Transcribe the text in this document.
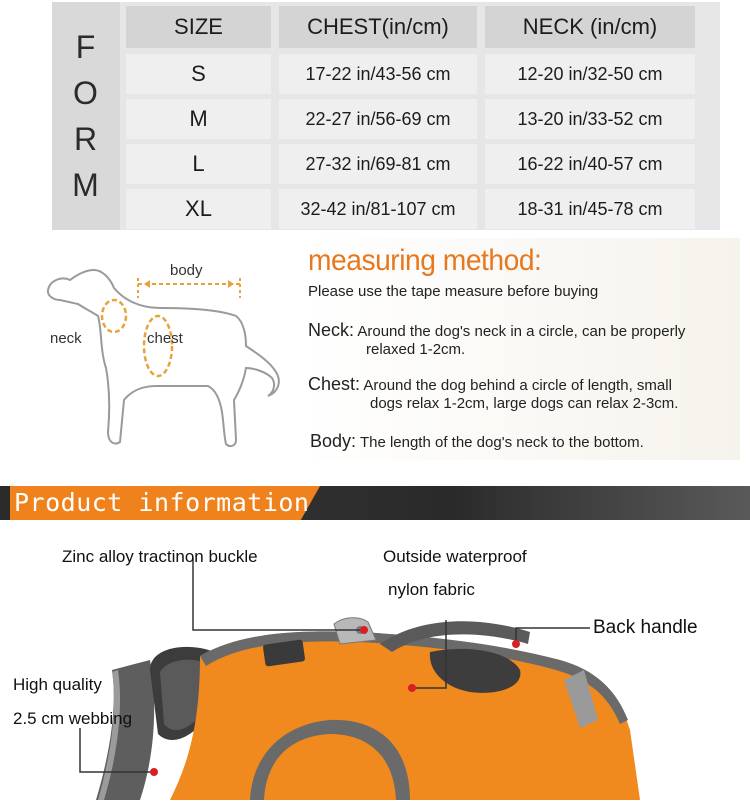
F
O
R
M
SIZE	CHEST(in/cm)	NECK (in/cm)
S	17-22 in/43-56 cm	12-20 in/32-50 cm
M	22-27 in/56-69 cm	13-20 in/33-52 cm
L	27-32 in/69-81 cm	16-22 in/40-57 cm
XL	32-42 in/81-107 cm	18-31 in/45-78 cm
body
neck	chest
measuring method:
Please use the tape measure before buying
Neck: Around the dog's neck in a circle, can be properly
relaxed 1-2cm.
Chest: Around the dog behind a circle of length, small
dogs relax 1-2cm, large dogs can relax 2-3cm.
Body: The length of the dog's neck to the bottom.
Product information
Zinc alloy tractinon buckle	Outside waterproof
nylon fabric
Back handle
High quality
2.5 cm webbing
